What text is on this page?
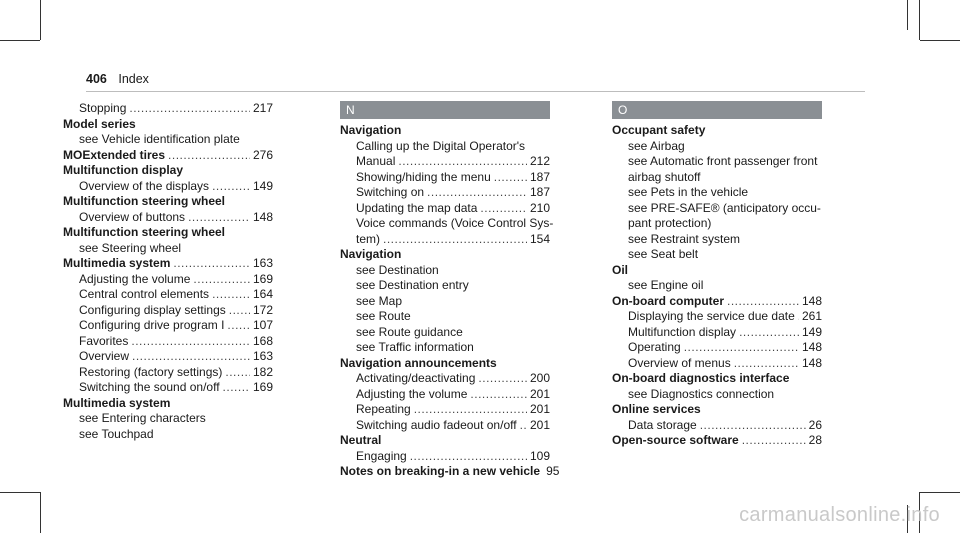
406 Index
Stopping .....	217
Model series
see Vehicle identification plate
MOExtended tires .....	276
Multifunction display
Overview of the displays .....	149
Multifunction steering wheel
Overview of buttons .....	148
Multifunction steering wheel
see Steering wheel
Multimedia system .....	163
Adjusting the volume .....	169
Central control elements .....	164
Configuring display settings ..... 172
Configuring drive program I ..... 107
Favorites .....	168
Overview .....	163
Restoring (factory settings) .....	182
Switching the sound on/off .....	169
Multimedia system
see Entering characters
see Touchpad
N
Navigation
Calling up the Digital Operator's
Manual .....	212
Showing/hiding the menu .....	187
Switching on .....	187
Updating the map data .....	210
Voice commands (Voice Control Sys-
tem) .....	154
Navigation
see Destination
see Destination entry
see Map
see Route
see Route guidance
see Traffic information
Navigation announcements
Activating/deactivating .....	200
Adjusting the volume .....	201
Repeating .....	201
Switching audio fadeout on/off ..... 201
Neutral
Engaging .....	109
Notes on breaking-in a new vehicle 95
O
Occupant safety
see Airbag
see Automatic front passenger front
airbag shutoff
see Pets in the vehicle
see PRE-SAFE® (anticipatory occu-
pant protection)
see Restraint system
see Seat belt
Oil
see Engine oil
On-board computer .....	148
Displaying the service due date ..... 261
Multifunction display .....	149
Operating .....	148
Overview of menus .....	148
On-board diagnostics interface
see Diagnostics connection
Online services
Data storage .....	26
Open-source software .....	28
carmanualsonline.info
